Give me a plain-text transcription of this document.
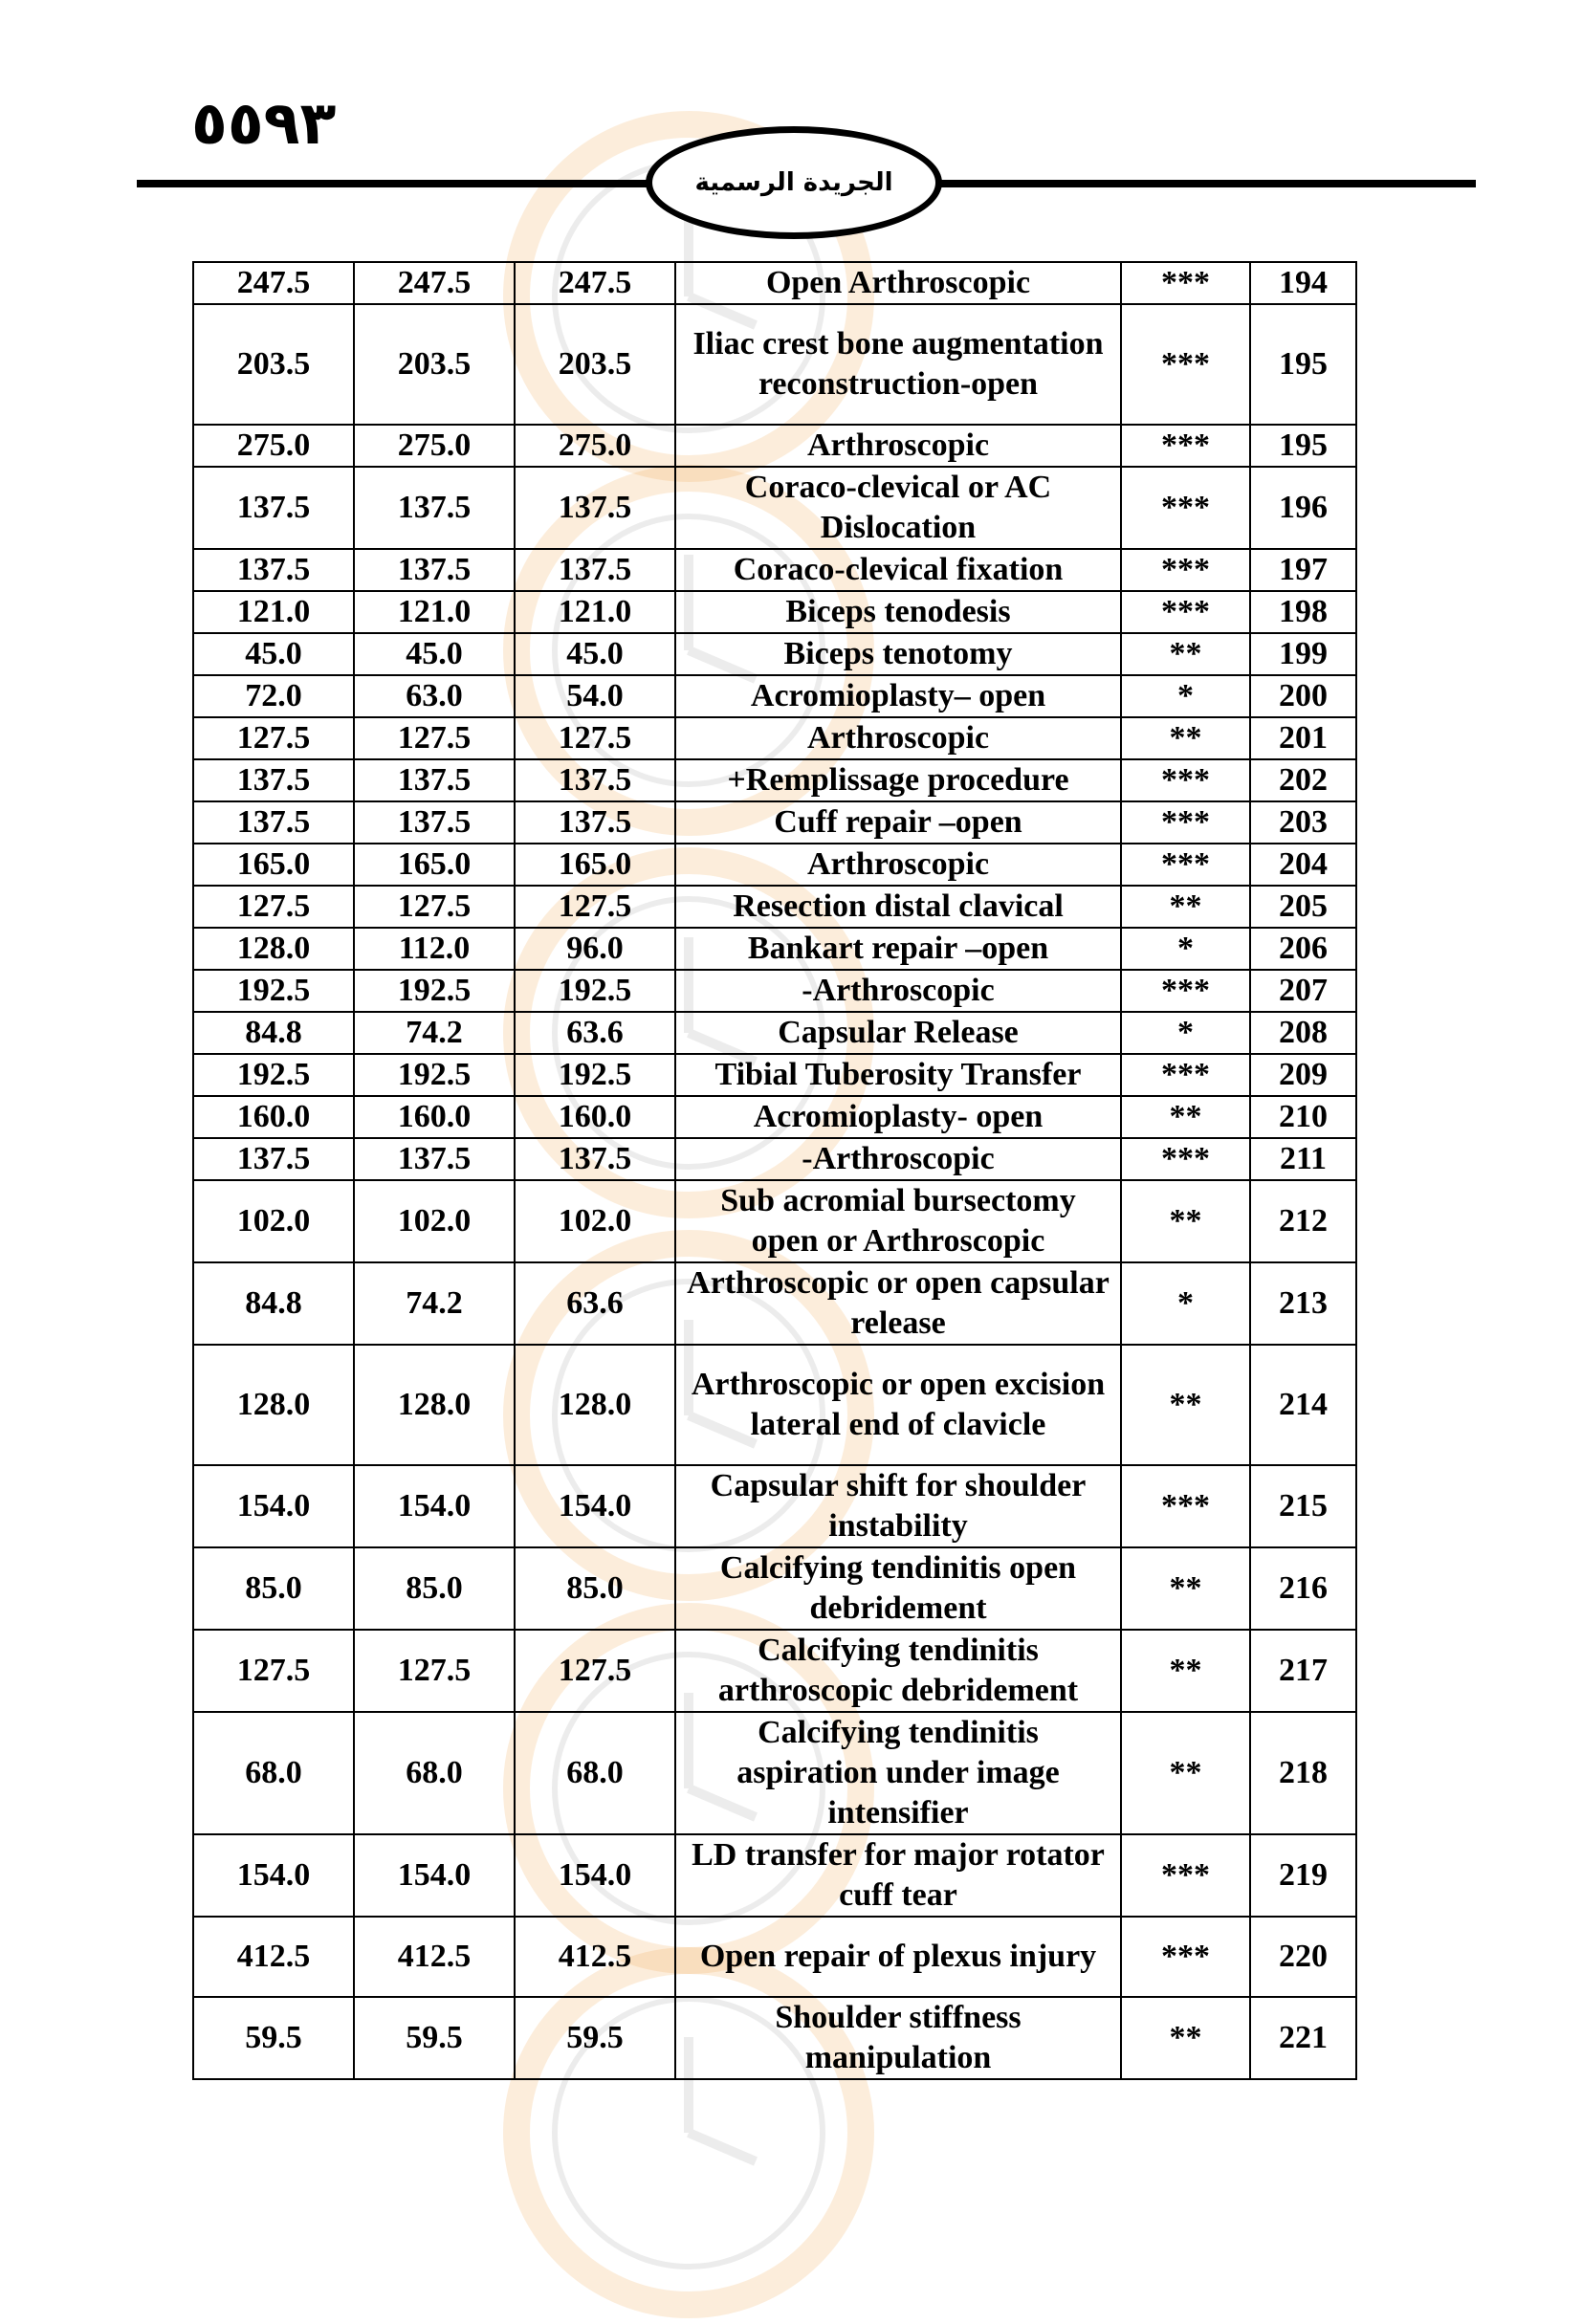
٥٥٩٣
الجريدة الرسمية
247.5	247.5	247.5	Open Arthroscopic	***	194
203.5	203.5	203.5	Iliac crest bone augmentation reconstruction-open	***	195
275.0	275.0	275.0	Arthroscopic	***	195
137.5	137.5	137.5	Coraco-clevical or AC Dislocation	***	196
137.5	137.5	137.5	Coraco-clevical fixation	***	197
121.0	121.0	121.0	Biceps tenodesis	***	198
45.0	45.0	45.0	Biceps tenotomy	**	199
72.0	63.0	54.0	Acromioplasty– open	*	200
127.5	127.5	127.5	Arthroscopic	**	201
137.5	137.5	137.5	+Remplissage procedure	***	202
137.5	137.5	137.5	Cuff repair –open	***	203
165.0	165.0	165.0	Arthroscopic	***	204
127.5	127.5	127.5	Resection distal clavical	**	205
128.0	112.0	96.0	Bankart repair –open	*	206
192.5	192.5	192.5	-Arthroscopic	***	207
84.8	74.2	63.6	Capsular Release	*	208
192.5	192.5	192.5	Tibial Tuberosity Transfer	***	209
160.0	160.0	160.0	Acromioplasty- open	**	210
137.5	137.5	137.5	-Arthroscopic	***	211
102.0	102.0	102.0	Sub acromial bursectomy open or Arthroscopic	**	212
84.8	74.2	63.6	Arthroscopic or open capsular release	*	213
128.0	128.0	128.0	Arthroscopic or open excision lateral end of clavicle	**	214
154.0	154.0	154.0	Capsular shift for shoulder instability	***	215
85.0	85.0	85.0	Calcifying tendinitis open debridement	**	216
127.5	127.5	127.5	Calcifying tendinitis arthroscopic debridement	**	217
68.0	68.0	68.0	Calcifying tendinitis aspiration under image intensifier	**	218
154.0	154.0	154.0	LD transfer for major rotator cuff tear	***	219
412.5	412.5	412.5	Open repair of plexus injury	***	220
59.5	59.5	59.5	Shoulder stiffness manipulation	**	221
